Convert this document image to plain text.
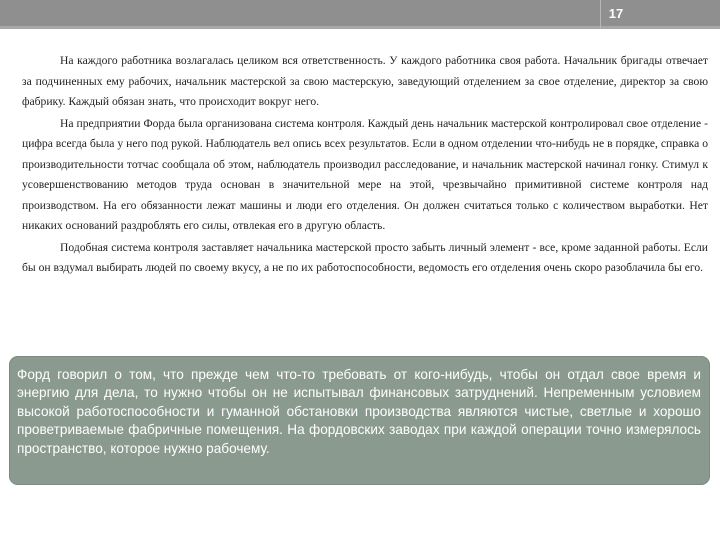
17

На каждого работника возлагалась целиком вся ответственность. У каждого работника своя работа. Начальник бригады отвечает за подчиненных ему рабочих, начальник мастерской за свою мастерскую, заведующий отделением за свое отделение, директор за свою фабрику. Каждый обязан знать, что происходит вокруг него.

На предприятии Форда была организована система контроля. Каждый день начальник мастерской контролировал свое отделение - цифра всегда была у него под рукой. Наблюдатель вел опись всех результатов. Если в одном отделении что-нибудь не в порядке, справка о производительности тотчас сообщала об этом, наблюдатель производил расследование, и начальник мастерской начинал гонку. Стимул к усовершенствованию методов труда основан в значительной мере на этой, чрезвычайно примитивной системе контроля над производством. На его обязанности лежат машины и люди его отделения. Он должен считаться только с количеством выработки. Нет никаких оснований раздроблять его силы, отвлекая его в другую область.

Подобная система контроля заставляет начальника мастерской просто забыть личный элемент - все, кроме заданной работы. Если бы он вздумал выбирать людей по своему вкусу, а не по их работоспособности, ведомость его отделения очень скоро разоблачила бы его.

Форд говорил о том, что прежде чем что-то требовать от кого-нибудь, чтобы он отдал свое время и энергию для дела, то нужно чтобы он не испытывал финансовых затруднений. Непременным условием высокой работоспособности и гуманной обстановки производства являются чистые, светлые и хорошо проветриваемые фабричные помещения. На фордовских заводах при каждой операции точно измерялось пространство, которое нужно рабочему.
